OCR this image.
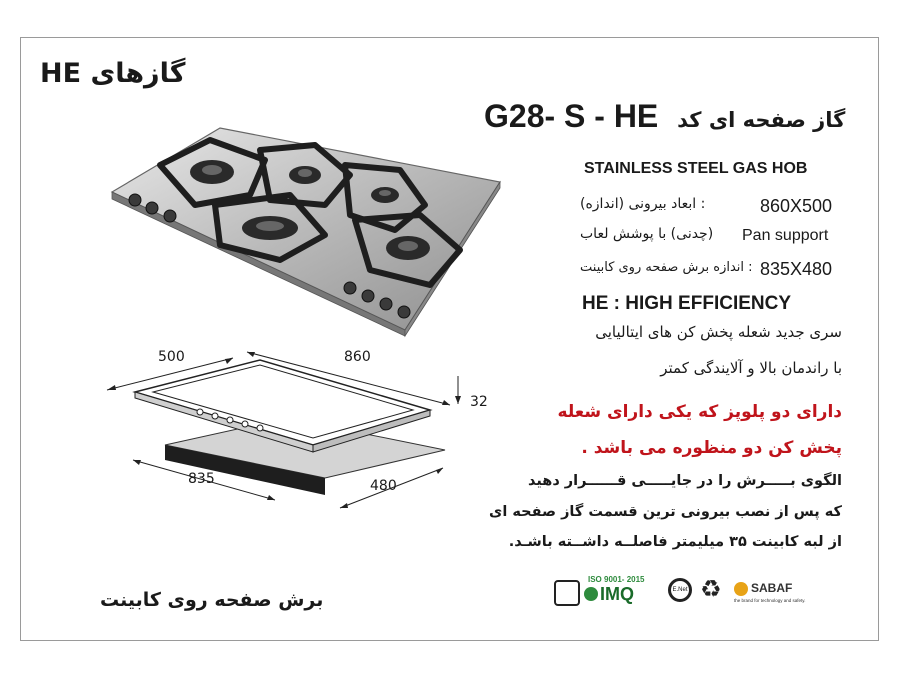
گازهای HE
G28- S - HE گاز صفحه ای کد
STAINLESS STEEL GAS HOB
860X500
: ابعاد بیرونی (اندازه)
Pan support
(چدنی) با پوشش لعاب
835X480
: اندازه برش صفحه روی کابینت
HE : HIGH EFFICIENCY
سری جدید شعله پخش کن های ایتالیایی
با راندمان بالا و آلایندگی کمتر
دارای دو پلوپز که یکی دارای شعله
پخش کن دو منظوره می باشد .
الگوی بـــــرش را در جایـــــی قــــــرار دهید
که پس از نصب بیرونی ترین قسمت گاز صفحه ای
از لبه کابینت ۳۵ میلیمتر فاصلــه داشــته باشـد.
500	860
32
835	480
برش صفحه روی کابینت
ISO 9001- 2015
IMQ	E.Net ♻ SABAF
the brand for technology and safety.
